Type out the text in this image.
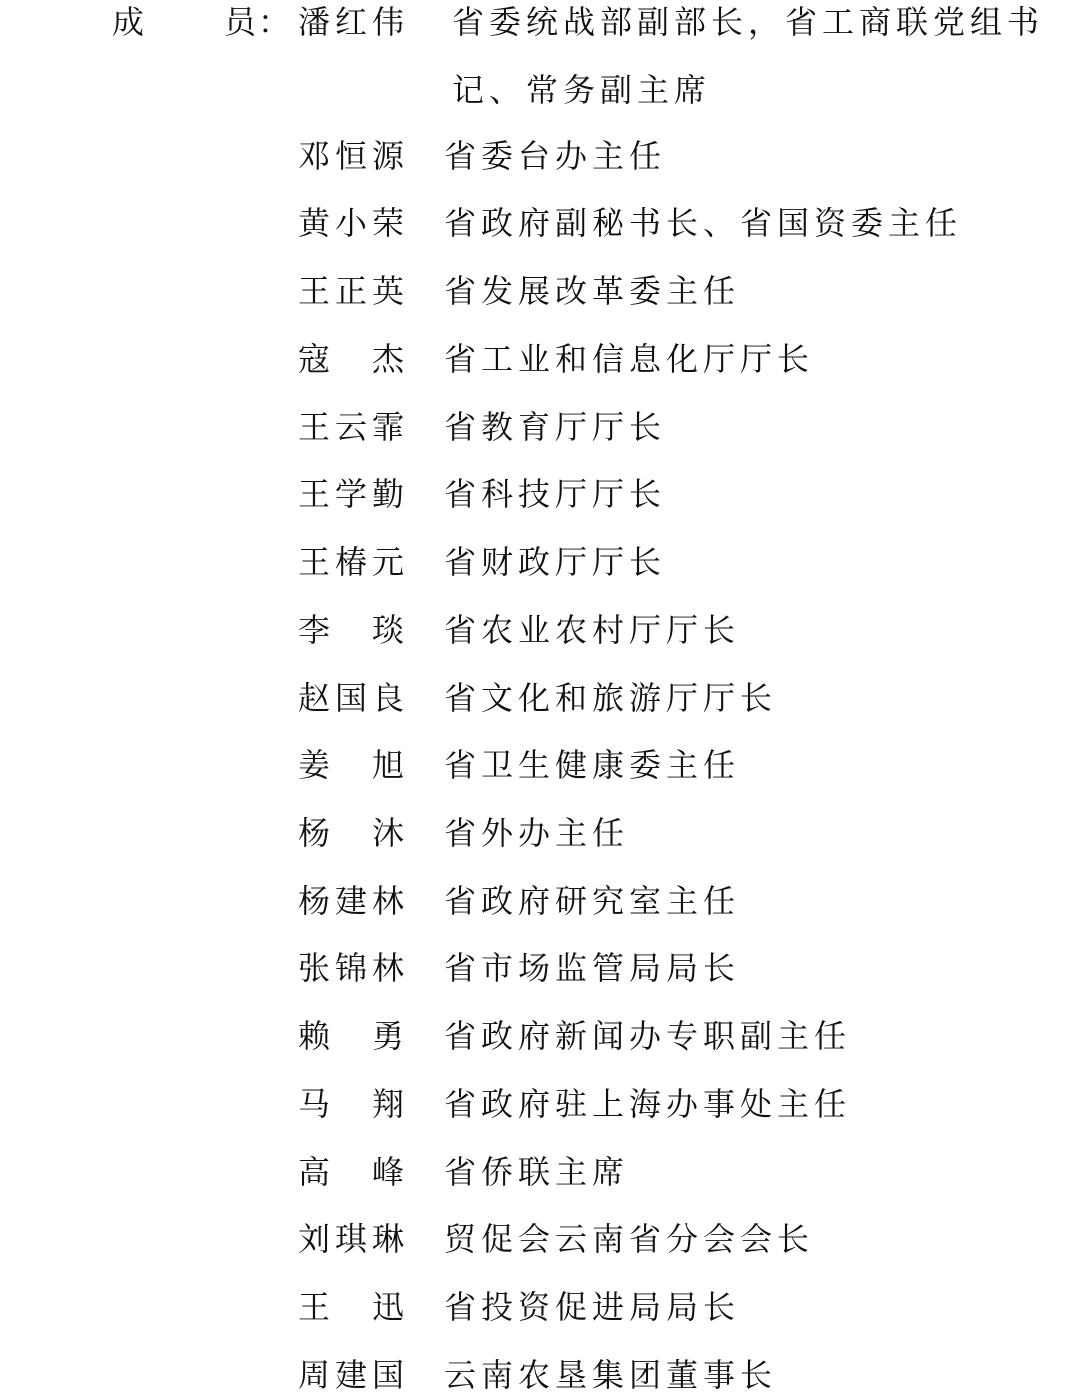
成 员 ： 潘红伟 省委统战部副部长，省工商联党组书
记、常务副主席
邓恒源 省委台办主任
黄小荣 省政府副秘书长、省国资委主任
王正英 省发展改革委主任
寇　杰 省工业和信息化厅厅长
王云霏 省教育厅厅长
王学勤 省科技厅厅长
王椿元 省财政厅厅长
李　琰 省农业农村厅厅长
赵国良 省文化和旅游厅厅长
姜　旭 省卫生健康委主任
杨　沐 省外办主任
杨建林 省政府研究室主任
张锦林 省市场监管局局长
赖　勇 省政府新闻办专职副主任
马　翔 省政府驻上海办事处主任
高　峰 省侨联主席
刘琪琳 贸促会云南省分会会长
王　迅 省投资促进局局长
周建国 云南农垦集团董事长
